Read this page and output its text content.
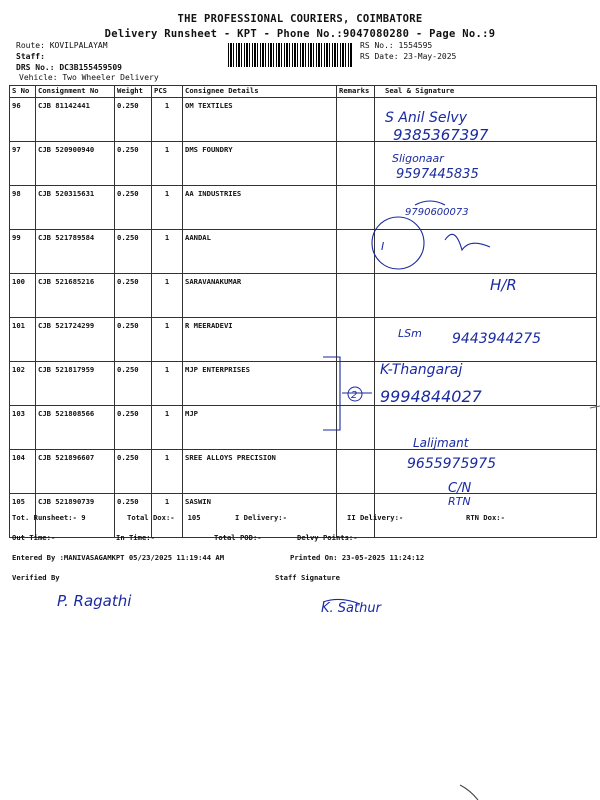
THE PROFESSIONAL COURIERS, COIMBATORE
Delivery Runsheet - KPT - Phone No.:9047080280 - Page No.:9
Route: KOVILPALAYAM
Staff:
DRS No.: DC3B155459509
Vehicle: Two Wheeler Delivery
RS No.: 1554595
RS Date: 23-May-2025
S No	Consignment No	Weight	PCS	Consignee Details	Remarks	Seal & Signature
96	CJB 81142441	0.250	1	OM TEXTILES		
97	CJB 520900940	0.250	1	DMS FOUNDRY		
98	CJB 520315631	0.250	1	AA INDUSTRIES		
99	CJB 521789584	0.250	1	AANDAL		
100	CJB 521685216	0.250	1	SARAVANAKUMAR		
101	CJB 521724299	0.250	1	R MEERADEVI		
102	CJB 521817959	0.250	1	MJP ENTERPRISES		
103	CJB 521808566	0.250	1	MJP		
104	CJB 521896607	0.250	1	SREE ALLOYS PRECISION		
105	CJB 521890739	0.250	1	SASWIN		
Tot. Runsheet:- 9	Total Dox:-   105	I Delivery:-	II Delivery:-	RTN Dox:-
Out Time:-	In Time:-	Total POD:-	Delvy Points:-
Entered By :MANIVASAGAMKPT 05/23/2025 11:19:44 AM	Printed On: 23-05-2025 11:24:12
Verified By	Staff Signature
S Anil Selvy
9385367397
Sligonaar
9597445835
9790600073
I
H/R
LSm 9443944275
K-Thangaraj
2 9994844027
Lalijmant
9655975975
C/N
RTN
P. Ragathi	K. Sathur
